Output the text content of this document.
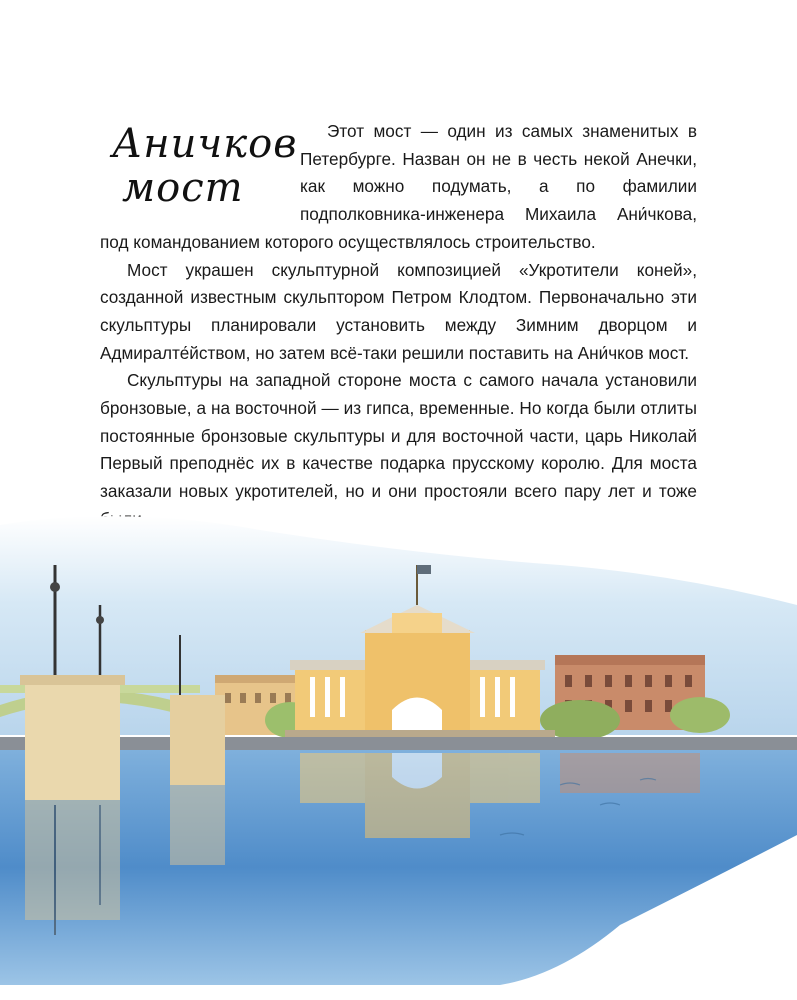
Аничков
мост

Этот мост — один из самых знаменитых в Петербурге. Назван он не в честь некой Анечки, как можно подумать, а по фамилии подполковника-инженера Михаила Ани́чкова, под командованием которого осуществлялось строительство.

Мост украшен скульптурной композицией «Укротители коней», созданной известным скульптором Петром Клодтом. Первоначально эти скульптуры планировали установить между Зимним дворцом и Адмиралте́йством, но затем всё-таки решили поставить на Ани́чков мост.

Скульптуры на западной стороне моста с самого начала установили бронзовые, а на восточной — из гипса, временные. Но когда были отлиты постоянные бронзовые скульптуры и для восточной части, царь Николай Первый преподнёс их в качестве подарка прусскому королю. Для моста заказали новых укротителей, но и они простояли всего пару лет и тоже
